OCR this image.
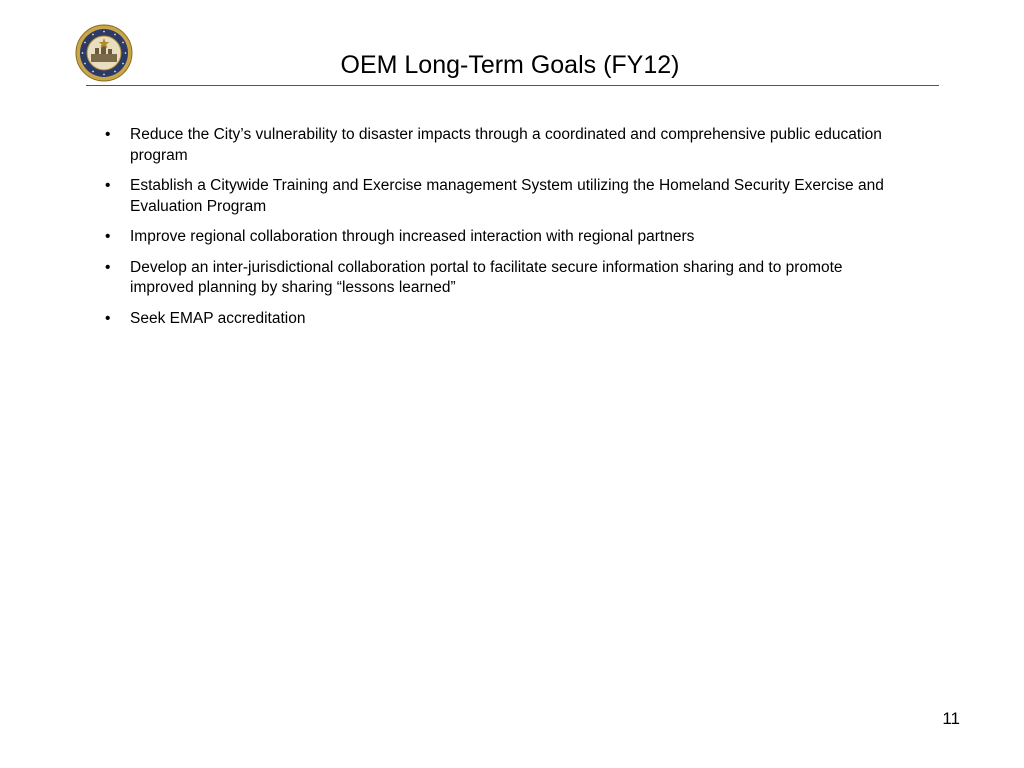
OEM Long-Term Goals (FY12)
• Reduce the City’s vulnerability to disaster impacts through a coordinated and comprehensive public education program
• Establish a Citywide Training and Exercise management System utilizing the Homeland Security Exercise and Evaluation Program
• Improve regional collaboration through increased interaction with regional partners
• Develop an inter-jurisdictional collaboration portal to facilitate secure information sharing and to promote improved planning by sharing “lessons learned”
• Seek EMAP accreditation
11
